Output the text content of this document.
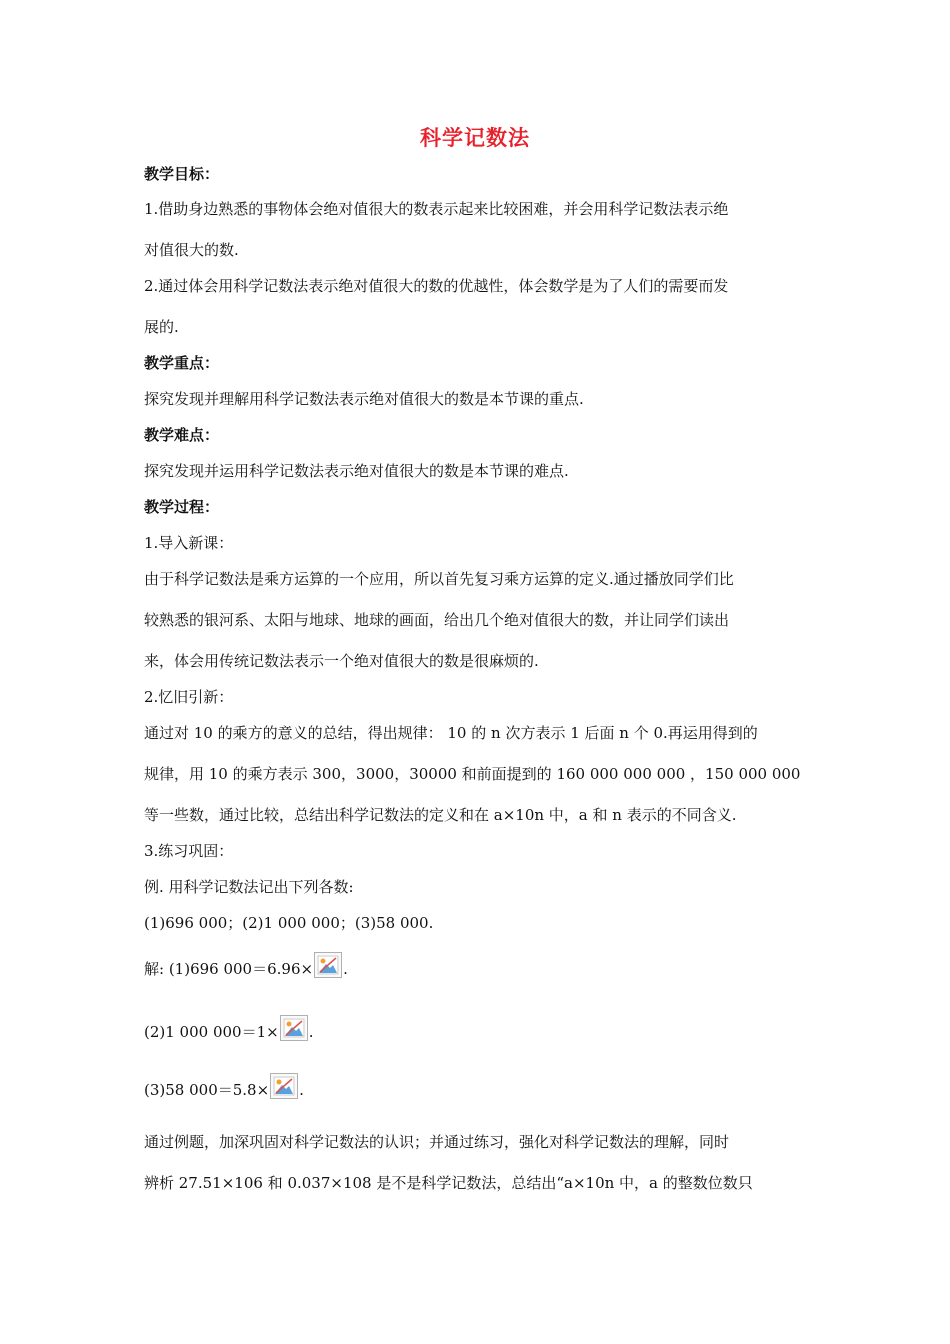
科学记数法
教学目标：
1.借助身边熟悉的事物体会绝对值很大的数表示起来比较困难，并会用科学记数法表示绝
对值很大的数.
2.通过体会用科学记数法表示绝对值很大的数的优越性，体会数学是为了人们的需要而发
展的.
教学重点：
探究发现并理解用科学记数法表示绝对值很大的数是本节课的重点.
教学难点：
探究发现并运用科学记数法表示绝对值很大的数是本节课的难点.
教学过程：
1.导入新课：
由于科学记数法是乘方运算的一个应用，所以首先复习乘方运算的定义.通过播放同学们比
较熟悉的银河系、太阳与地球、地球的画面，给出几个绝对值很大的数，并让同学们读出
来，体会用传统记数法表示一个绝对值很大的数是很麻烦的.
2.忆旧引新：
通过对 10 的乘方的意义的总结，得出规律： 10 的 n 次方表示 1 后面 n 个 0.再运用得到的
规律，用 10 的乘方表示 300，3000，30000 和前面提到的 160 000 000 000 ，150 000 000
等一些数，通过比较，总结出科学记数法的定义和在 a×10n 中，a 和 n 表示的不同含义.
3.练习巩固：
例. 用科学记数法记出下列各数:
(1)696 000；(2)1 000 000；(3)58 000.
解: (1)696 000＝6.96× .
(2)1 000 000＝1× .
(3)58 000＝5.8× .
通过例题，加深巩固对科学记数法的认识；并通过练习，强化对科学记数法的理解，同时
辨析 27.51×106 和 0.037×108 是不是科学记数法，总结出“a×10n 中，a 的整数位数只
